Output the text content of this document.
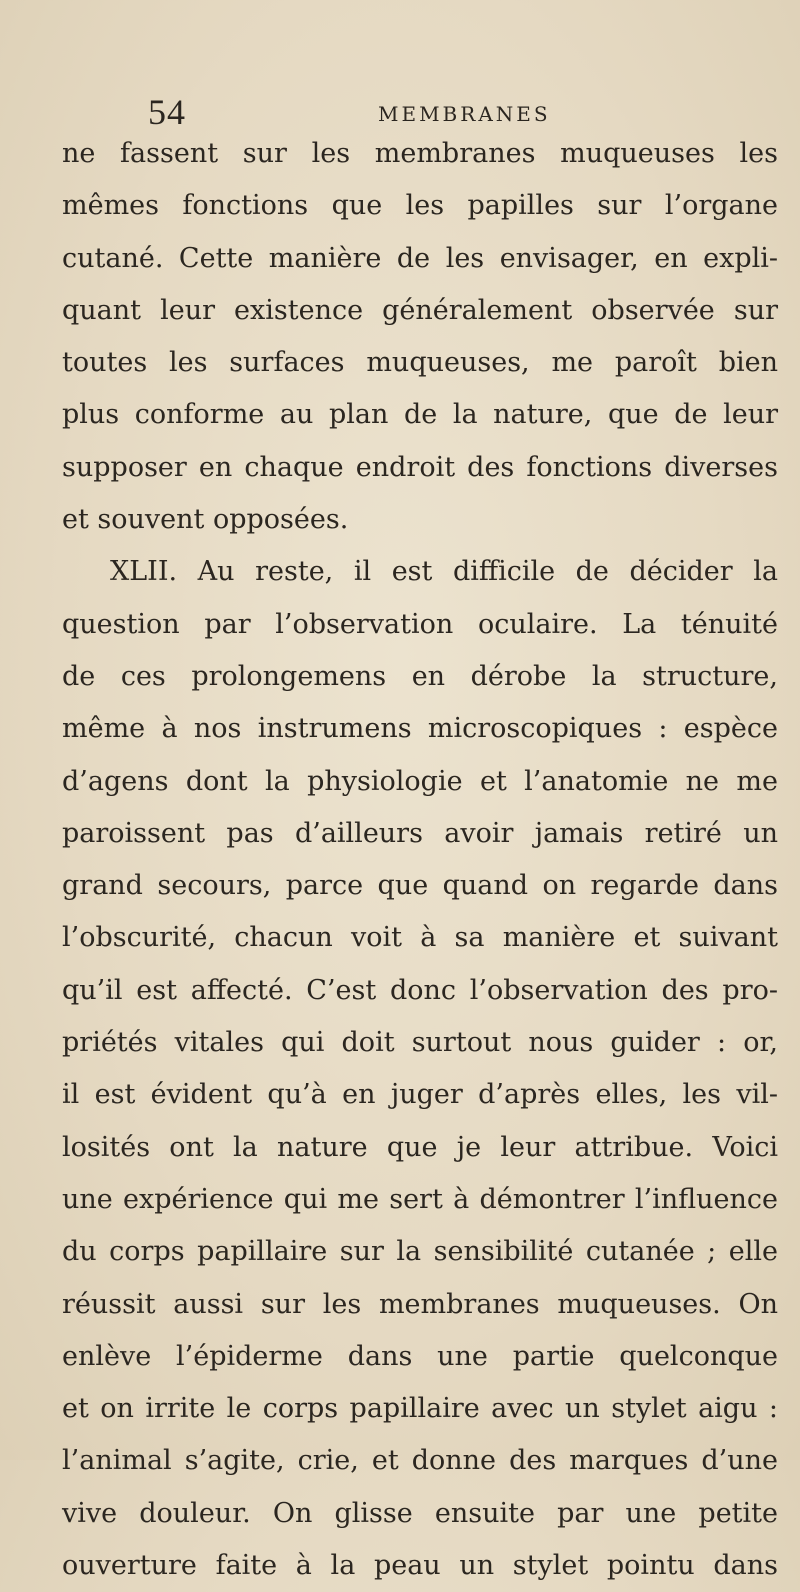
54	MEMBRANES
ne fassent sur les membranes muqueuses les
mêmes fonctions que les papilles sur l’organe
cutané. Cette manière de les envisager, en expli-
quant leur existence généralement observée sur
toutes les surfaces muqueuses, me paroît bien
plus conforme au plan de la nature, que de leur
supposer en chaque endroit des fonctions diverses
et souvent opposées.
XLII. Au reste, il est difficile de décider la
question par l’observation oculaire. La ténuité
de ces prolongemens en dérobe la structure,
même à nos instrumens microscopiques : espèce
d’agens dont la physiologie et l’anatomie ne me
paroissent pas d’ailleurs avoir jamais retiré un
grand secours, parce que quand on regarde dans
l’obscurité, chacun voit à sa manière et suivant
qu’il est affecté. C’est donc l’observation des pro-
priétés vitales qui doit surtout nous guider : or,
il est évident qu’à en juger d’après elles, les vil-
losités ont la nature que je leur attribue. Voici
une expérience qui me sert à démontrer l’influence
du corps papillaire sur la sensibilité cutanée ; elle
réussit aussi sur les membranes muqueuses. On
enlève l’épiderme dans une partie quelconque
et on irrite le corps papillaire avec un stylet aigu :
l’animal s’agite, crie, et donne des marques d’une
vive douleur. On glisse ensuite par une petite
ouverture faite à la peau un stylet pointu dans
